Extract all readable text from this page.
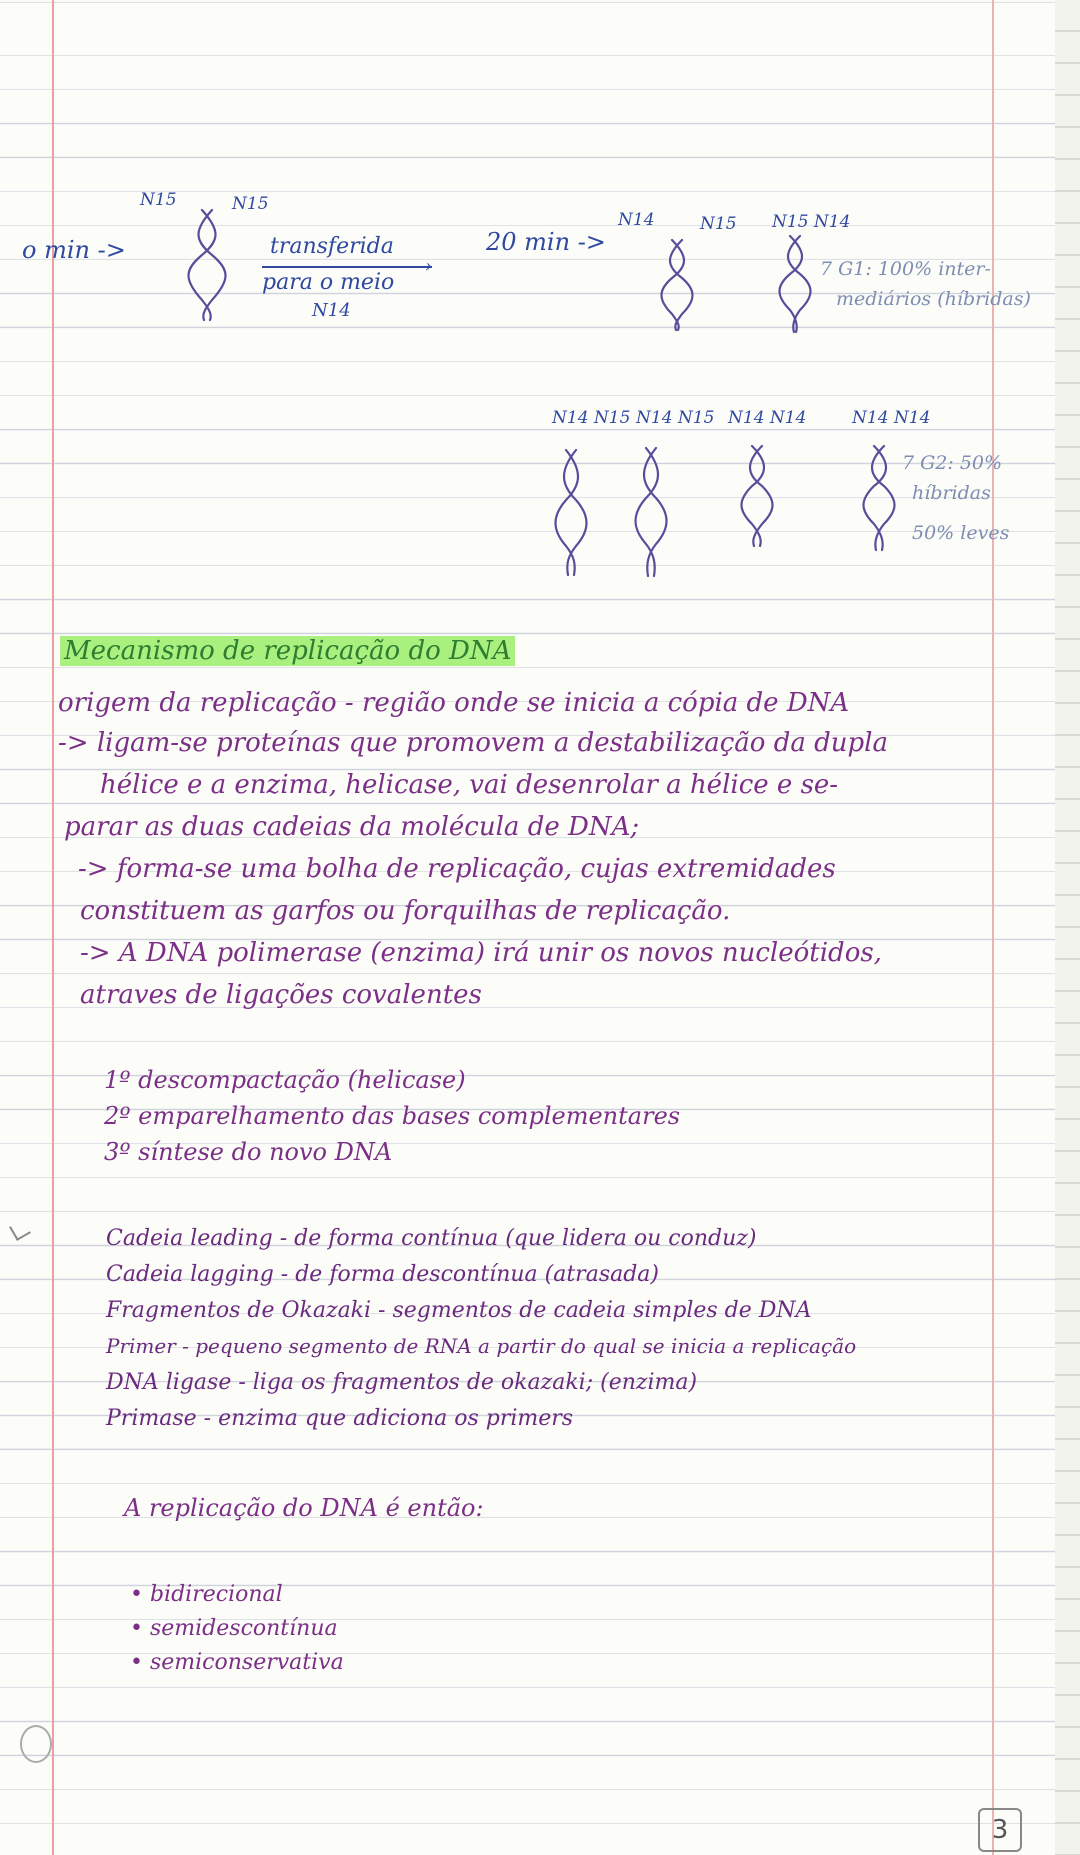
o min ->
N15	N15
transferida
›
para o meio
N14
20 min ->
N14	N15 N15 N14
7 G1: 100% inter-
mediários (híbridas)
N14 N15 N14 N15 N14 N14	N14 N14
7 G2: 50%
híbridas
50% leves
Mecanismo de replicação do DNA
origem da replicação - região onde se inicia a cópia de DNA
-> ligam-se proteínas que promovem a destabilização da dupla
hélice e a enzima, helicase, vai desenrolar a hélice e se-
parar as duas cadeias da molécula de DNA;
-> forma-se uma bolha de replicação, cujas extremidades
constituem as garfos ou forquilhas de replicação.
-> A DNA polimerase (enzima) irá unir os novos nucleótidos,
atraves de ligações covalentes
1º descompactação (helicase)
2º emparelhamento das bases complementares
3º síntese do novo DNA
Cadeia leading - de forma contínua (que lidera ou conduz)
Cadeia lagging - de forma descontínua (atrasada)
Fragmentos de Okazaki - segmentos de cadeia simples de DNA
Primer - pequeno segmento de RNA a partir do qual se inicia a replicação
DNA ligase - liga os fragmentos de okazaki; (enzima)
Primase - enzima que adiciona os primers
A replicação do DNA é então:
• bidirecional
• semidescontínua
• semiconservativa
3
